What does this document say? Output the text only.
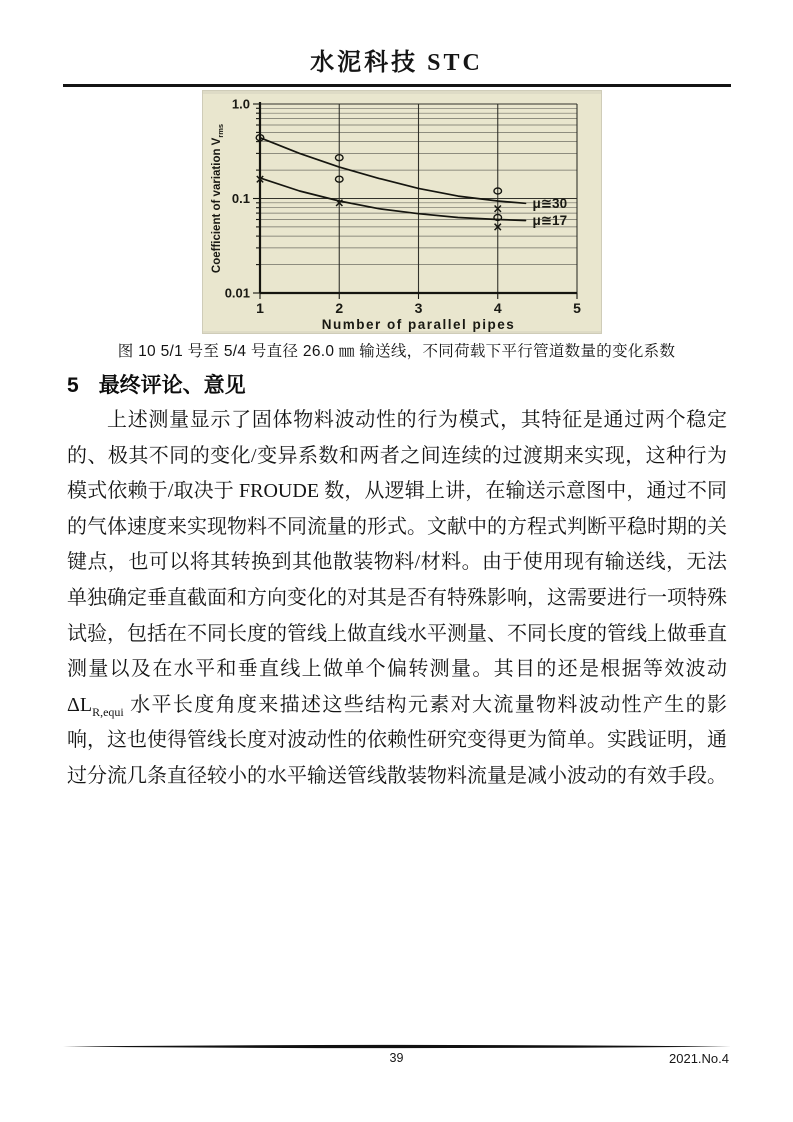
水泥科技 STC
1	2	3	4	5
1.0
0.1
0.01
Number of parallel pipes
Coefficient of variation $V_{rms}$
μ≅30
μ≅17
图 10 5/1 号至 5/4 号直径 26.0 ㎜ 输送线，不同荷载下平行管道数量的变化系数
5 最终评论、意见
上述测量显示了固体物料波动性的行为模式，其特征是通过两个稳定的、极其不同的变化/变异系数和两者之间连续的过渡期来实现，这种行为模式依赖于/取决于 FROUDE 数，从逻辑上讲，在输送示意图中，通过不同的气体速度来实现物料不同流量的形式。文献中的方程式判断平稳时期的关键点，也可以将其转换到其他散装物料/材料。由于使用现有输送线，无法单独确定垂直截面和方向变化的对其是否有特殊影响，这需要进行一项特殊试验，包括在不同长度的管线上做直线水平测量、不同长度的管线上做垂直测量以及在水平和垂直线上做单个偏转测量。其目的还是根据等效波动$\Delta L_{R,equi}$ 水平长度角度来描述这些结构元素对大流量物料波动性产生的影响，这也使得管线长度对波动性的依赖性研究变得更为简单。实践证明，通过分流几条直径较小的水平输送管线散装物料流量是减小波动的有效手段。
39	2021.No.4
